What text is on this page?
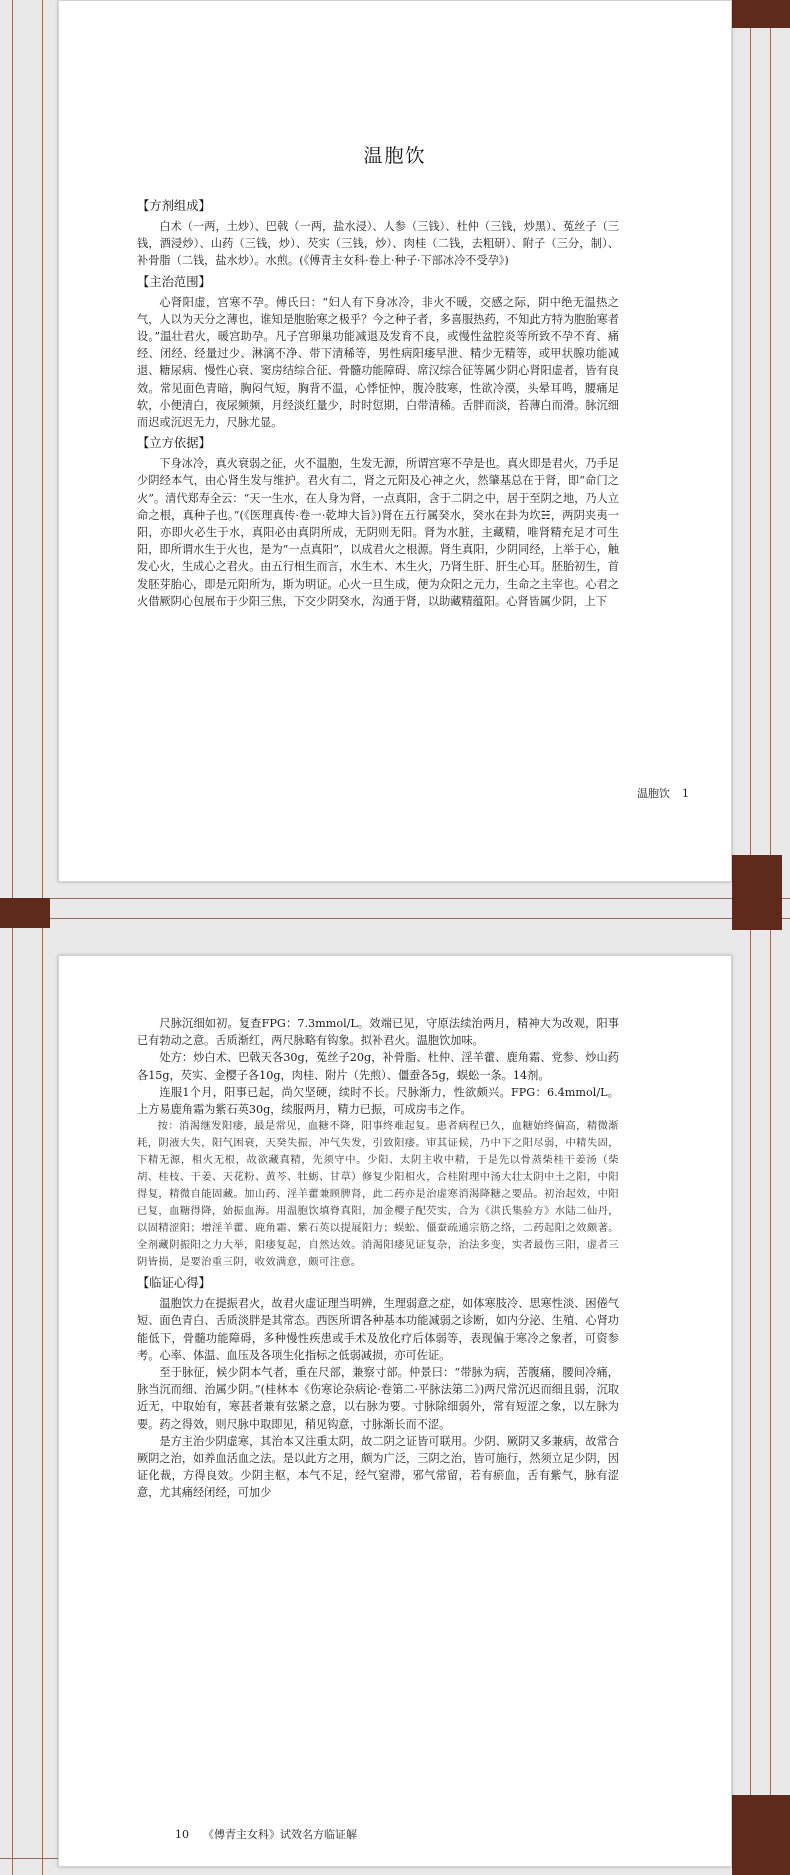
温胞饮
【方剂组成】

白术（一两，土炒）、巴戟（一两，盐水浸）、人参（三钱）、杜仲（三钱，炒黑）、菟丝子（三钱，酒浸炒）、山药（三钱，炒）、芡实（三钱，炒）、肉桂（二钱，去粗研）、附子（三分，制）、补骨脂（二钱，盐水炒）。水煎。(《傅青主女科·卷上·种子·下部冰冷不受孕》)

【主治范围】

心肾阳虚，宫寒不孕。傅氏曰：“妇人有下身冰冷，非火不暖，交感之际，阴中绝无温热之气，人以为天分之薄也，谁知是胞胎寒之极乎？今之种子者，多喜服热药，不知此方特为胞胎寒者设。”温壮君火，暖宫助孕。凡子宫卵巢功能减退及发育不良，或慢性盆腔炎等所致不孕不育、痛经、闭经、经量过少、淋漓不净、带下清稀等，男性病阳痿早泄、精少无精等，或甲状腺功能减退、糖尿病、慢性心衰、窦房结综合征、骨髓功能障碍、席汉综合征等属少阴心肾阳虚者，皆有良效。常见面色青暗，胸闷气短，胸背不温，心悸怔忡，腹冷肢寒，性欲冷漠，头晕耳鸣，腰痛足软，小便清白，夜尿频频，月经淡红量少，时时愆期，白带清稀。舌胖而淡，苔薄白而滑。脉沉细而迟或沉迟无力，尺脉尤显。

【立方依据】

下身冰冷，真火衰弱之征，火不温胞，生发无源，所谓宫寒不孕是也。真火即是君火，乃手足少阴经本气，由心肾生发与维护。君火有二，肾之元阳及心神之火，然肇基总在于肾，即“命门之火”。清代郑寿全云：“天一生水，在人身为肾，一点真阳，含于二阴之中，居于至阴之地，乃人立命之根，真种子也。”(《医理真传·卷一·乾坤大旨》)肾在五行属癸水，癸水在卦为坎☵，两阴夹夷一阳，亦即火必生于水，真阳必由真阴所成，无阴则无阳。肾为水脏，主藏精，唯肾精充足才可生阳，即所谓水生于火也，是为“一点真阳”，以成君火之根源。肾生真阳，少阴同经，上举于心，触发心火，生成心之君火。由五行相生而言，水生木、木生火，乃肾生肝、肝生心耳。胚胎初生，首发胚芽胎心，即是元阳所为，斯为明证。心火一旦生成，便为众阳之元力，生命之主宰也。心君之火借厥阴心包展布于少阳三焦，下交少阴癸水，沟通于肾，以助藏精蕴阳。心肾皆属少阴，上下

温胞饮 1

尺脉沉细如初。复查FPG：7.3mmol/L。效端已见，守原法续治两月，精神大为改观，阳事已有勃动之意。舌质渐红，两尺脉略有钩象。拟补君火。温胞饮加味。

处方：炒白术、巴戟天各30g，菟丝子20g，补骨脂、杜仲、淫羊藿、鹿角霜、党参、炒山药各15g，芡实、金樱子各10g，肉桂、附片（先煎）、僵蚕各5g，蜈蚣一条。14剂。

连服1个月，阳事已起，尚欠坚硬，续时不长。尺脉渐力，性欲颇兴。FPG：6.4mmol/L。上方易鹿角霜为紫石英30g，续服两月，精力已振，可成房韦之作。

按：消渴继发阳痿，最是常见，血糖不降，阳事终难起复。患者病程已久，血糖始终偏高，精微渐耗，阴液大失，阳气困衰，天癸失振，冲气失发，引致阳痿。审其证候，乃中下之阳尽弱，中精失固，下精无源，相火无根，故欲藏真精，先须守中。少阳、太阴主收中精，于是先以骨蒸柴桂干姜汤（柴胡、桂枝、干姜、天花粉、黄芩、牡蛎、甘草）修复少阳相火，合桂附理中汤大壮太阴中土之阳，中阳得复，精微自能固藏。加山药、淫羊藿兼顾脾肾，此二药亦是治虚寒消渴降糖之要品。初治起效，中阳已复，血糖得降，始振血海。用温胞饮填脊真阳，加金樱子配芡实，合为《洪氏集验方》水陆二仙丹，以固精涩阳；增淫羊藿、鹿角霜、紫石英以提展阳力；蜈蚣、僵蚕疏通宗筋之络，二药起阳之效颇著。全剂藏阴振阳之力大举，阳痿复起，自然达效。消渴阳痿见证复杂，治法多变，实者最伤三阳，虚者三阴皆损，是要治重三阴，收效满意，颇可注意。

【临证心得】

温胞饮力在提振君火，故君火虚证理当明辨，生理弱意之症，如体寒肢冷、思寒性淡、困倦气短、面色青白、舌质淡胖是其常态。西医所谓各种基本功能减弱之诊断，如内分泌、生殖、心肾功能低下，骨髓功能障碍，多种慢性疾患或手术及放化疗后体弱等，表现偏于寒冷之象者，可资参考。心率、体温、血压及各项生化指标之低弱减损，亦可佐证。

至于脉征，候少阴本气者，重在尺部，兼察寸部。仲景曰：“带脉为病，苦腹痛，腰间冷痛，脉当沉而细、治属少阴。”(桂林本《伤寒论杂病论·卷第二·平脉法第二》)两尺常沉迟而细且弱，沉取近无，中取始有，寒甚者兼有弦紧之意，以右脉为要。寸脉除细弱外，常有短涩之象，以左脉为要。药之得效，则尺脉中取即见，稍见钩意，寸脉渐长而不涩。

是方主治少阴虚寒，其治本又注重太阴，故二阴之证皆可联用。少阴、厥阴又多兼病，故常合厥阴之治，如养血活血之法。是以此方之用，颇为广泛，三阴之治，皆可施行，然须立足少阴，因证化裁，方得良效。少阴主枢，本气不足，经气窒滞，邪气常留，若有瘀血，舌有紫气，脉有涩意，尤其痛经闭经，可加少

10 《傅青主女科》试效名方临证解
